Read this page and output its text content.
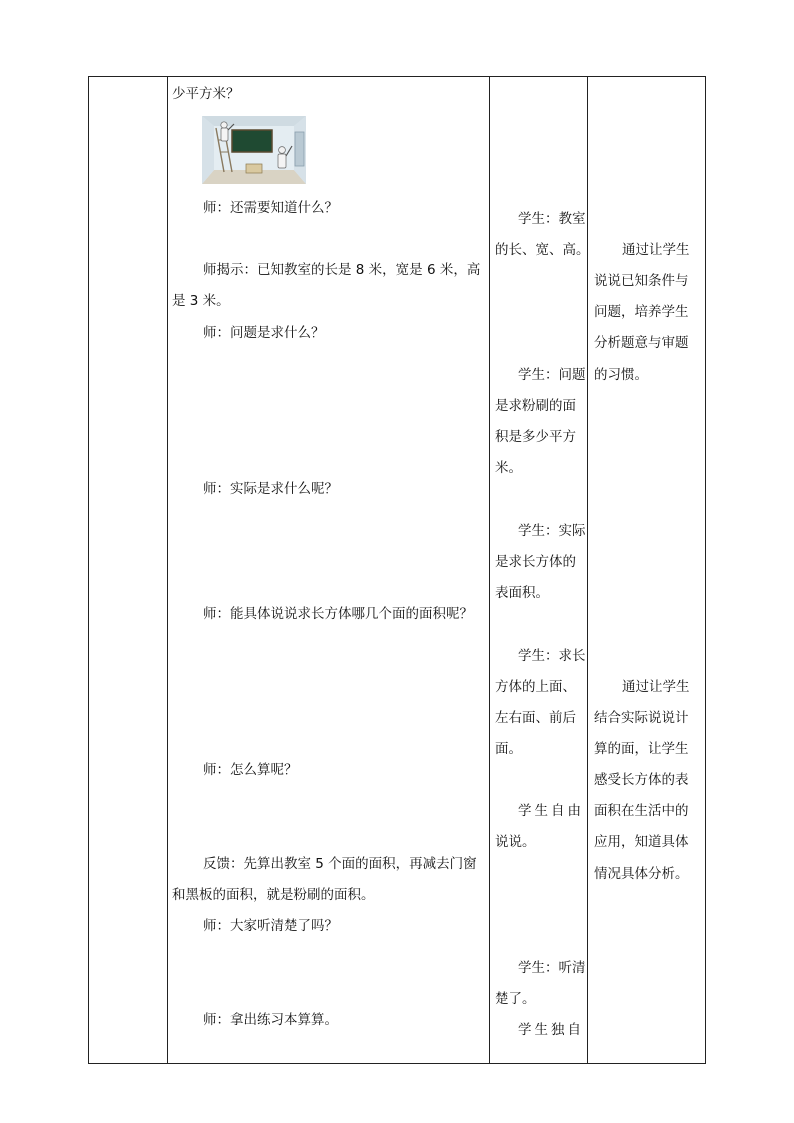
少平方米？
师：还需要知道什么？
师揭示：已知教室的长是 8 米，宽是 6 米，高
是 3 米。
师：问题是求什么？
师：实际是求什么呢？
师：能具体说说求长方体哪几个面的面积呢？
师：怎么算呢？
反馈：先算出教室 5 个面的面积，再减去门窗
和黑板的面积，就是粉刷的面积。
师：大家听清楚了吗？
师：拿出练习本算算。
学生：教室
的长、宽、高。
学生：问题
是求粉刷的面
积是多少平方
米。
学生：实际
是求长方体的
表面积。
学生：求长
方体的上面、
左右面、前后
面。
学生自由
说说。
学生：听清
楚了。
学生独自
通过让学生
说说已知条件与
问题，培养学生
分析题意与审题
的习惯。
通过让学生
结合实际说说计
算的面，让学生
感受长方体的表
面积在生活中的
应用，知道具体
情况具体分析。
